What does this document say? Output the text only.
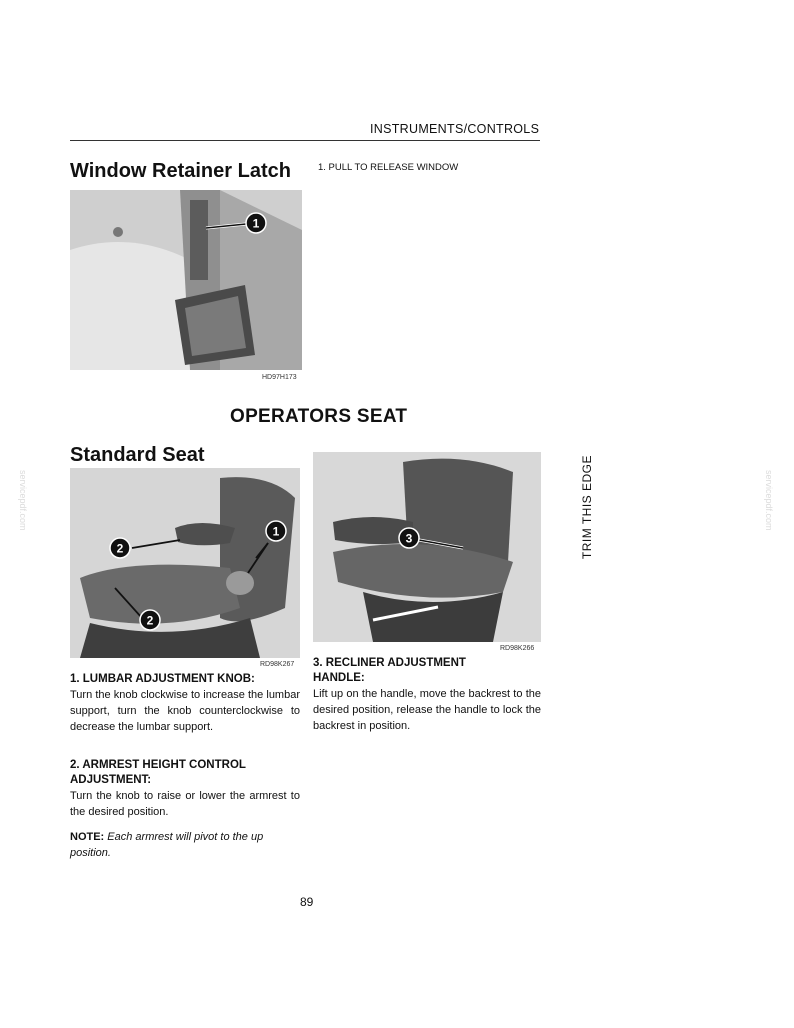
INSTRUMENTS/CONTROLS
Window Retainer Latch	1. PULL TO RELEASE WINDOW
1
HD97H173
OPERATORS SEAT
Standard Seat
2
1
2
RD98K267
3
RD98K266
1. LUMBAR ADJUSTMENT KNOB:
Turn the knob clockwise to increase the lumbar support, turn the knob counterclockwise to decrease the lumbar support.
2. ARMREST HEIGHT CONTROL
ADJUSTMENT:
Turn the knob to raise or lower the armrest to the desired position.
NOTE: Each armrest will pivot to the up position.
3. RECLINER ADJUSTMENT
HANDLE:
Lift up on the handle, move the backrest to the desired position, release the handle to lock the backrest in position.
TRIM THIS EDGE
servicepdf.com	servicepdf.com
89
